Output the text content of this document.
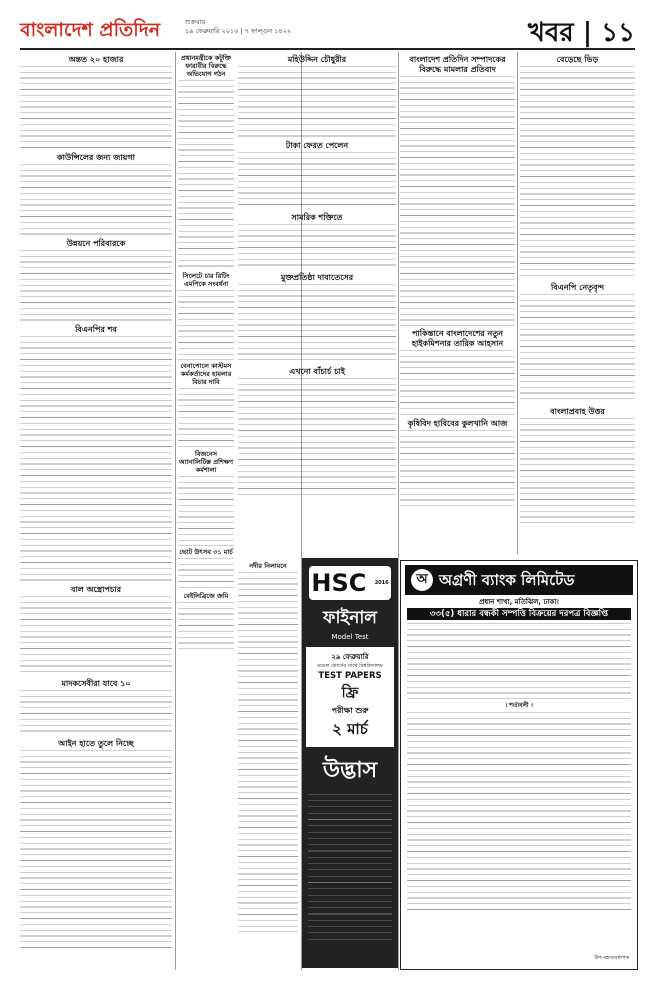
বাংলাদেশ প্রতিদিন	শুক্রবার
১৯ ফেব্রুয়ারি ২০১৬ | ৭ ফাল্গুন ১৪২২	খবর | ১১
অন্তত ২০ হাজার
কাউন্সিলের জন্য জায়গা
উন্নয়নে পরিবারকে
বিএনপির শব
বাল অস্ত্রোপচার
মাদকসেবীরা যাবে ১০
আইন হাতে তুলে নিচ্ছে
প্রধানমন্ত্রীকে কটূক্তি ফারাবীর বিরুদ্ধে অভিযোগ গঠন
সিলেটে চার রিটিং এমপিকে সংবর্ধনা
বেনাপোলে কাস্টমস কর্মকর্তাদের হামলার বিচার দাবি
বিজনেস অ্যানালিটিক্স প্রশিক্ষণ কর্মশালা
ভোট উৎসব ৩১ মার্চ
বেইলিব্রিজে জমি
মহিউদ্দিন চৌধুরীর
টাকা ফেরত পেলেন
সামরিক শক্তিতে
মুক্তপ্রতিষ্ঠা দাবাতেসের
এখনো বাঁচার্চ চাই
নদীর নিলামনে
বাংলাদেশ প্রতিদিন সম্পাদকের বিরুদ্ধে মামলার প্রতিবাদ
পাকিস্তানে বাংলাদেশের নতুন হাইকমিশনার তারিক আহসান
কৃষিবিদ হাবিবের কুলখানি আজ
বেড়েছে ভিড়
বিএনপি নেতৃবৃন্দ
বাংলাপ্রবাহ উত্তর
HSC $^{2016}$
ফাইনাল
Model Test
২৯ ফেব্রুয়ারি
মডেল কোর্সের সাথে বিশ্ববিদ্যালয়
TEST PAPERS
ফ্রি
পরীক্ষা শুরু
২ মার্চ
উদ্ভাস
অ অগ্রণী ব্যাংক লিমিটেড
প্রধান শাখা, মতিঝিল, ঢাকা।
৩৩(৫) ধারার বন্ধকী সম্পত্তি বিক্রয়ের দরপত্র বিজ্ঞপ্তি
। শর্তাবলী ।
উপ-মহাব্যবস্থাপক
